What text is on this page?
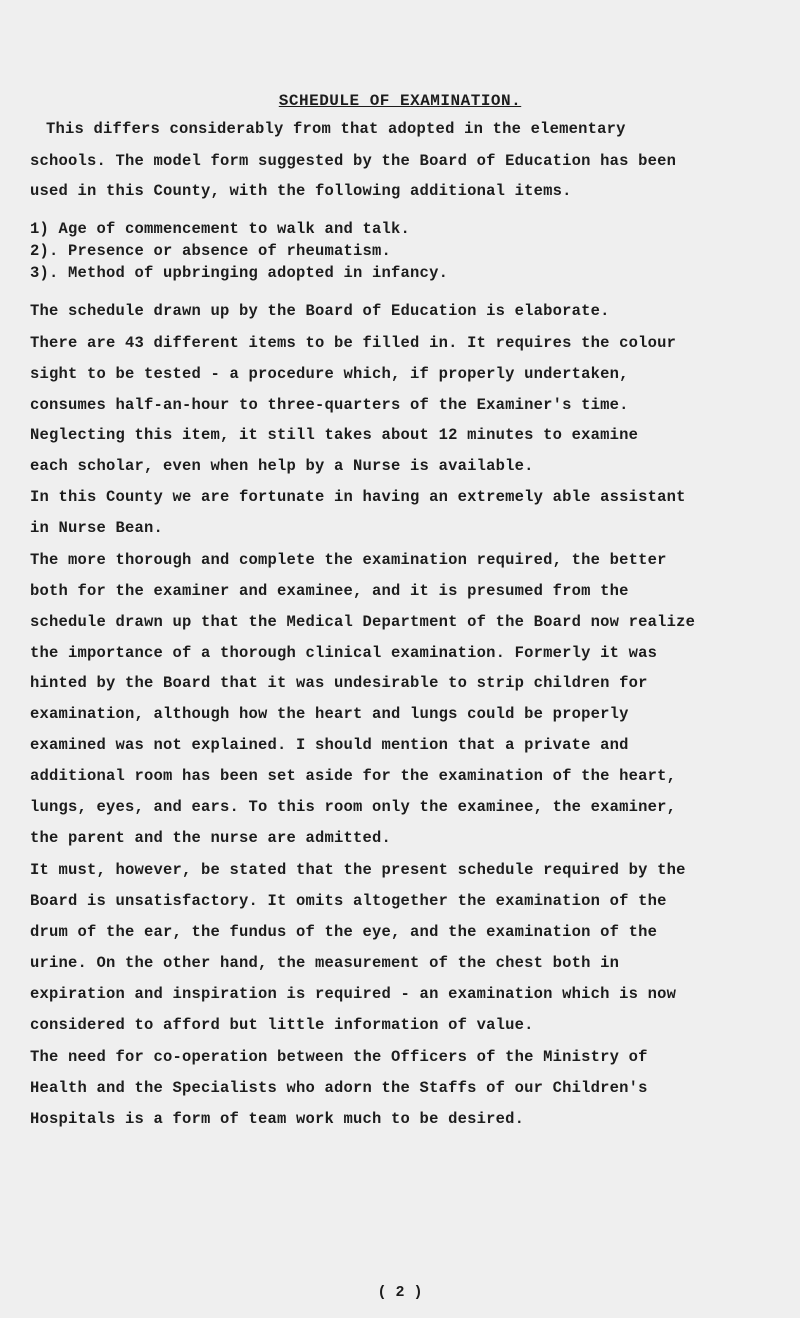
SCHEDULE OF EXAMINATION.
This differs considerably from that adopted in the elementary
schools. The model form suggested by the Board of Education has been
used in this County, with the following additional items.
1) Age of commencement to walk and talk.
2). Presence or absence of rheumatism.
3). Method of upbringing adopted in infancy.
The schedule drawn up by the Board of Education is elaborate.
There are 43 different items to be filled in. It requires the colour
sight to be tested - a procedure which, if properly undertaken,
consumes half-an-hour to three-quarters of the Examiner's time.
Neglecting this item, it still takes about 12 minutes to examine
each scholar, even when help by a Nurse is available.
In this County we are fortunate in having an extremely able assistant
in Nurse Bean.
The more thorough and complete the examination required, the better
both for the examiner and examinee, and it is presumed from the
schedule drawn up that the Medical Department of the Board now realize
the importance of a thorough clinical examination. Formerly it was
hinted by the Board that it was undesirable to strip children for
examination, although how the heart and lungs could be properly
examined was not explained. I should mention that a private and
additional room has been set aside for the examination of the heart,
lungs, eyes, and ears. To this room only the examinee, the examiner,
the parent and the nurse are admitted.
It must, however, be stated that the present schedule required by the
Board is unsatisfactory. It omits altogether the examination of the
drum of the ear, the fundus of the eye, and the examination of the
urine. On the other hand, the measurement of the chest both in
expiration and inspiration is required - an examination which is now
considered to afford but little information of value.
The need for co-operation between the Officers of the Ministry of
Health and the Specialists who adorn the Staffs of our Children's
Hospitals is a form of team work much to be desired.
( 2 )
